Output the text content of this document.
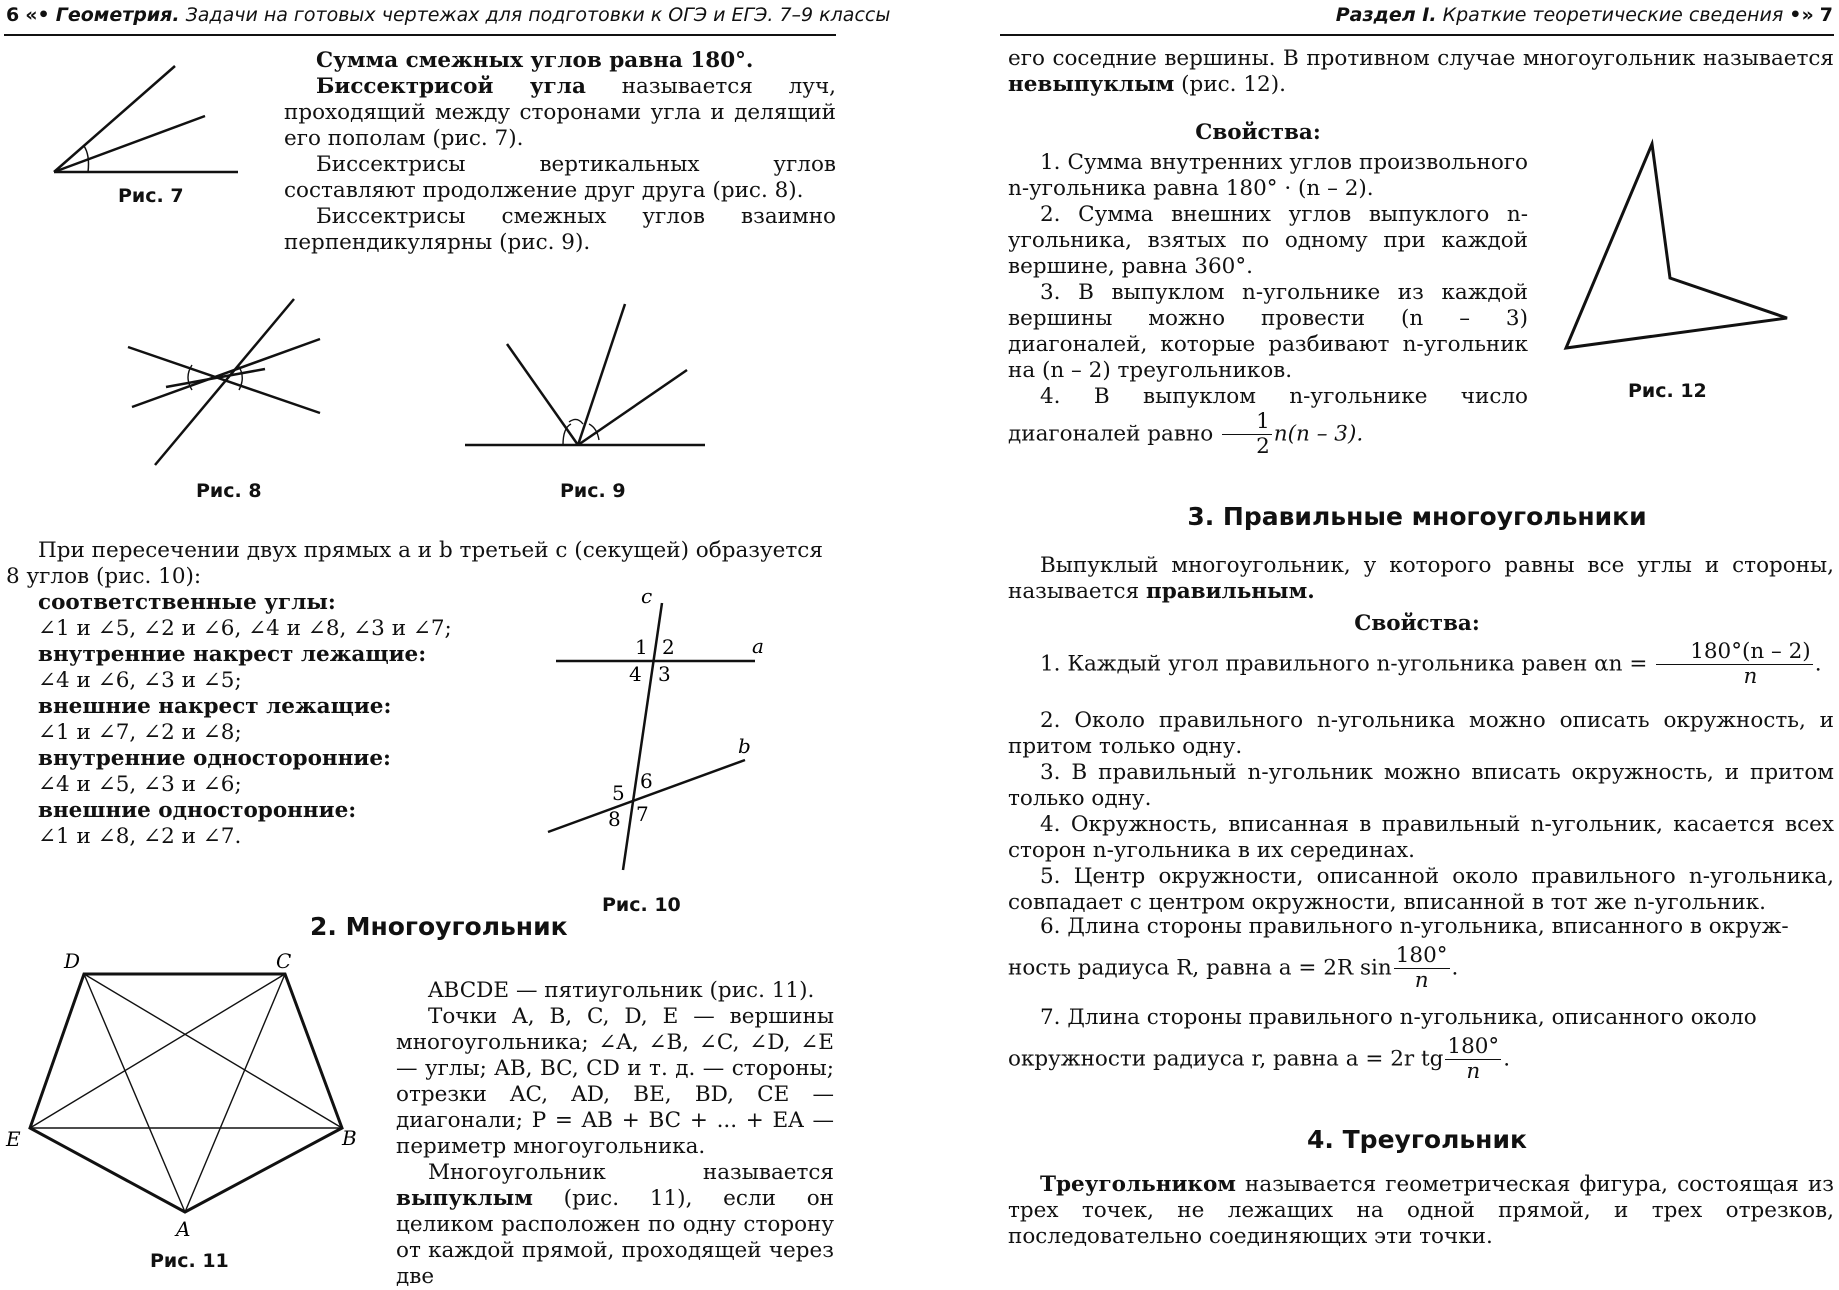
6 «• Геометрия. Задачи на готовых чертежах для подготовки к ОГЭ и ЕГЭ. 7–9 классы
Рис. 7
Сумма смежных углов равна 180°.
Биссектрисой угла называется луч, проходящий между сторонами угла и делящий его пополам (рис. 7).
Биссектрисы вертикальных углов составляют продолжение друг друга (рис. 8).
Биссектрисы смежных углов взаимно перпендикулярны (рис. 9).
Рис. 8	Рис. 9
При пересечении двух прямых a и b третьей c (секущей) образуется 8 углов (рис. 10):
соответственные углы:
∠1 и ∠5, ∠2 и ∠6, ∠4 и ∠8, ∠3 и ∠7;
внутренние накрест лежащие:
∠4 и ∠6, ∠3 и ∠5;
внешние накрест лежащие:
∠1 и ∠7, ∠2 и ∠8;
внутренние односторонние:
∠4 и ∠5, ∠3 и ∠6;
внешние односторонние:
∠1 и ∠8, ∠2 и ∠7.
c
a
b
1 2
4 3
5 6
8 7
Рис. 10
2. Многоугольник
D	C
E	B
A
Рис. 11
ABCDE — пятиугольник (рис. 11).
Точки A, B, C, D, E — вершины многоугольника; ∠A, ∠B, ∠C, ∠D, ∠E — углы; AB, BC, CD и т. д. — стороны; отрезки AC, AD, BE, BD, CE — диагонали; P = AB + BC + ... + EA — периметр многоугольника.
Многоугольник называется выпуклым (рис. 11), если он целиком расположен по одну сторону от каждой прямой, проходящей через две
Раздел I. Краткие теоретические сведения •» 7
его соседние вершины. В противном случае многоугольник называется невыпуклым (рис. 12).
Свойства:
1. Сумма внутренних углов произвольного n-угольника равна 180° · (n – 2).
2. Сумма внешних углов выпуклого n-угольника, взятых по одному при каждой вершине, равна 360°.
3. В выпуклом n-угольнике из каждой вершины можно провести (n – 3) диагоналей, которые разбивают n-угольник на (n – 2) треугольников.
4. В выпуклом n-угольнике число диагоналей равно $\frac{1}{2} n(n - 3)$.
Рис. 12
3. Правильные многоугольники
Выпуклый многоугольник, у которого равны все углы и стороны, называется правильным.
Свойства:
1. Каждый угол правильного n-угольника равен $\alpha n = \frac{180^\circ(n - 2)}{n}$ .
2. Около правильного n-угольника можно описать окружность, и притом только одну.
3. В правильный n-угольник можно вписать окружность, и притом только одну.
4. Окружность, вписанная в правильный n-угольник, касается всех сторон n-угольника в их серединах.
5. Центр окружности, описанной около правильного n-угольника, совпадает с центром окружности, вписанной в тот же n-угольник.
6. Длина стороны правильного n-угольника, вписанного в окруж-
ность радиуса R, равна a = 2R $\sin \frac{180^\circ}{n}$ .
7. Длина стороны правильного n-угольника, описанного около
окружности радиуса r, равна a = 2r tg $\frac{180^\circ}{n}$ .
4. Треугольник
Треугольником называется геометрическая фигура, состоящая из трех точек, не лежащих на одной прямой, и трех отрезков, последовательно соединяющих эти точки.
